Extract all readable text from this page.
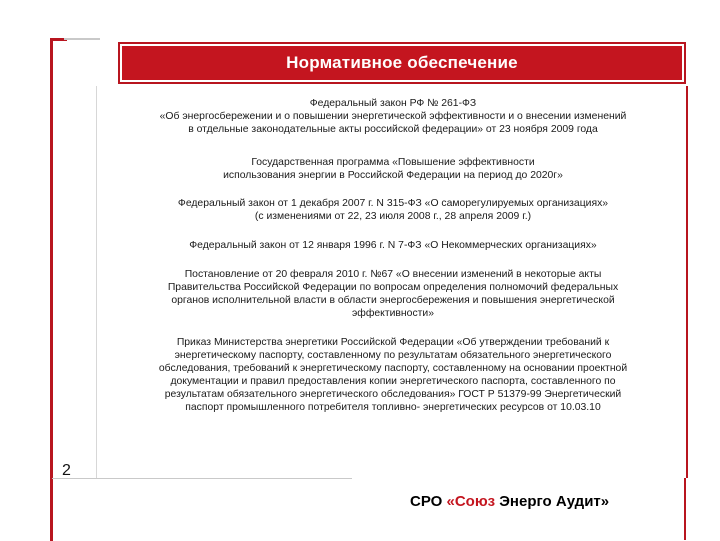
Нормативное обеспечение

Федеральный закон РФ № 261-ФЗ
«Об энергосбережении и о повышении энергетической эффективности и о внесении изменений
в отдельные законодательные акты российской федерации» от 23 ноября 2009 года

Государственная программа «Повышение эффективности
использования энергии в Российской Федерации на период до 2020г»

Федеральный закон от 1 декабря 2007 г. N 315-ФЗ «О саморегулируемых организациях»
(с изменениями от 22, 23 июля 2008 г., 28 апреля 2009 г.)

Федеральный закон от 12 января 1996 г. N 7-ФЗ «О Некоммерческих организациях»

Постановление от 20 февраля 2010 г. №67 «О внесении изменений в некоторые акты
Правительства Российской Федерации по вопросам определения полномочий федеральных
органов исполнительной власти в области энергосбережения и повышения энергетической
эффективности»

Приказ Министерства энергетики Российской Федерации «Об утверждении требований к
энергетическому паспорту, составленному по результатам обязательного энергетического
обследования, требований к энергетическому паспорту, составленному на основании проектной
документации и правил предоставления копии энергетического паспорта, составленного по
результатам обязательного энергетического обследования» ГОСТ Р 51379-99 Энергетический
паспорт промышленного потребителя топливно- энергетических ресурсов от 10.03.10

2
СРО «Союз Энерго Аудит»
